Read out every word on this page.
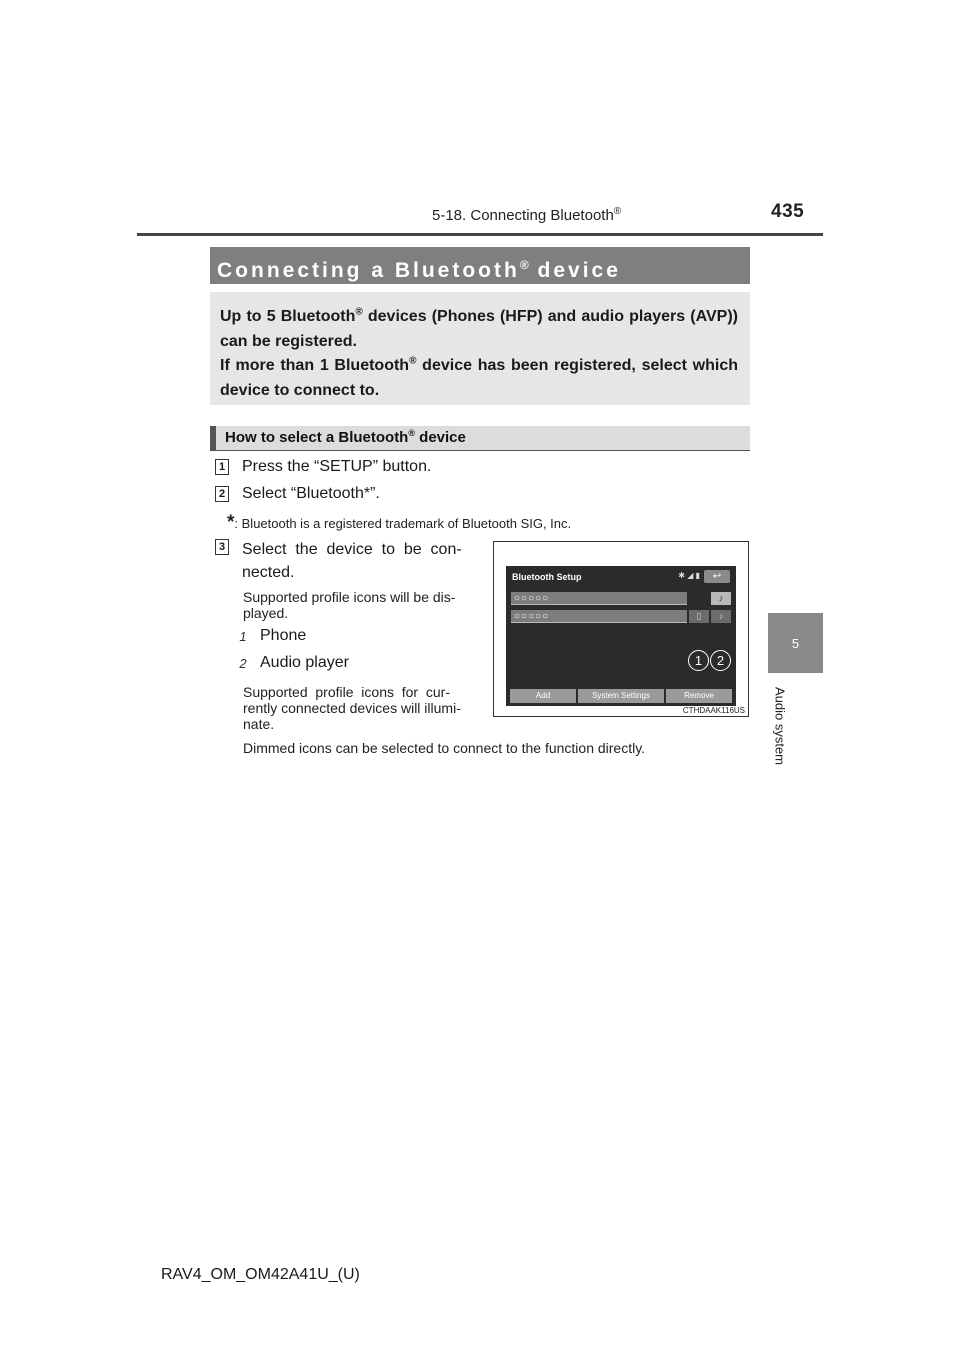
5-18. Connecting Bluetooth®	435
5
Audio system
Connecting a Bluetooth® device
Up to 5 Bluetooth® devices (Phones (HFP) and audio players (AVP)) can be registered.
If more than 1 Bluetooth® device has been registered, select which device to connect to.
How to select a Bluetooth® device
1 Press the “SETUP” button.
2 Select “Bluetooth*”.
*: Bluetooth is a registered trademark of Bluetooth SIG, Inc.
3 Select  the  device  to  be  con-
nected.
Supported profile icons will be dis-
played.
1 Phone
2 Audio player
Supported  profile  icons  for  cur-
rently connected devices will illumi-
nate.
Dimmed icons can be selected to connect to the function directly.
Bluetooth Setup	✱ ◢ ▮	↩
○○○○○	♪
○○○○○	▯	♪
1	2
Add	System Settings	Remove
CTHDAAK116US
RAV4_OM_OM42A41U_(U)
